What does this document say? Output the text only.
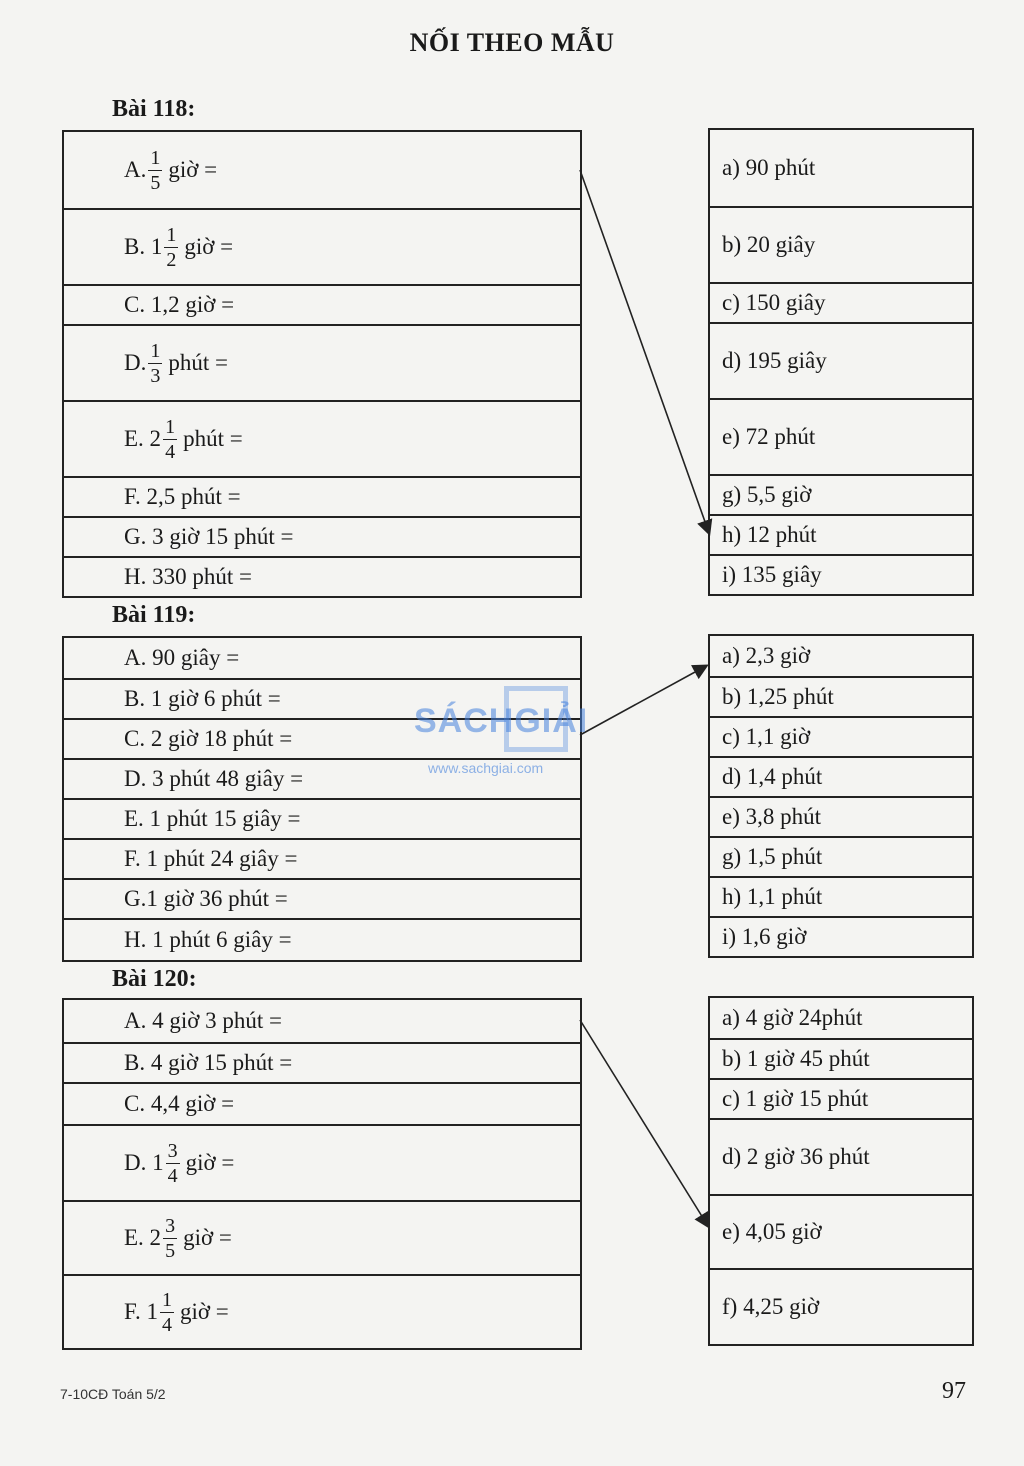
NỐI THEO MẪU
Bài 118:
A. $\frac{1}{5}$ giờ =
B. $1 \frac{1}{2}$ giờ =
C. 1,2 giờ =
D. $\frac{1}{3}$ phút =
E. $2 \frac{1}{4}$ phút =
F. 2,5 phút =
G. 3 giờ 15 phút =
H. 330 phút =
a) 90 phút
b) 20 giây
c) 150 giây
d) 195 giây
e) 72 phút
g) 5,5 giờ
h) 12 phút
i) 135 giây
Bài 119:
A. 90 giây =
B. 1 giờ 6 phút =
C. 2 giờ 18 phút =
D. 3 phút 48 giây =
E. 1 phút 15 giây =
F. 1 phút 24 giây =
G.1 giờ 36 phút =
H. 1 phút 6 giây =
a) 2,3 giờ
b) 1,25 phút
c) 1,1 giờ
d) 1,4 phút
e) 3,8 phút
g) 1,5 phút
h) 1,1 phút
i) 1,6 giờ
Bài 120:
A. 4 giờ 3 phút =
B. 4 giờ 15 phút =
C. 4,4 giờ =
D. $1 \frac{3}{4}$ giờ =
E. $2 \frac{3}{5}$ giờ =
F. $1 \frac{1}{4}$ giờ =
a) 4 giờ 24phút
b) 1 giờ 45 phút
c) 1 giờ 15 phút
d) 2 giờ 36 phút
e) 4,05 giờ
f) 4,25 giờ
SÁCHGIẢI
www.sachgiai.com
7-10CĐ Toán 5/2	97
